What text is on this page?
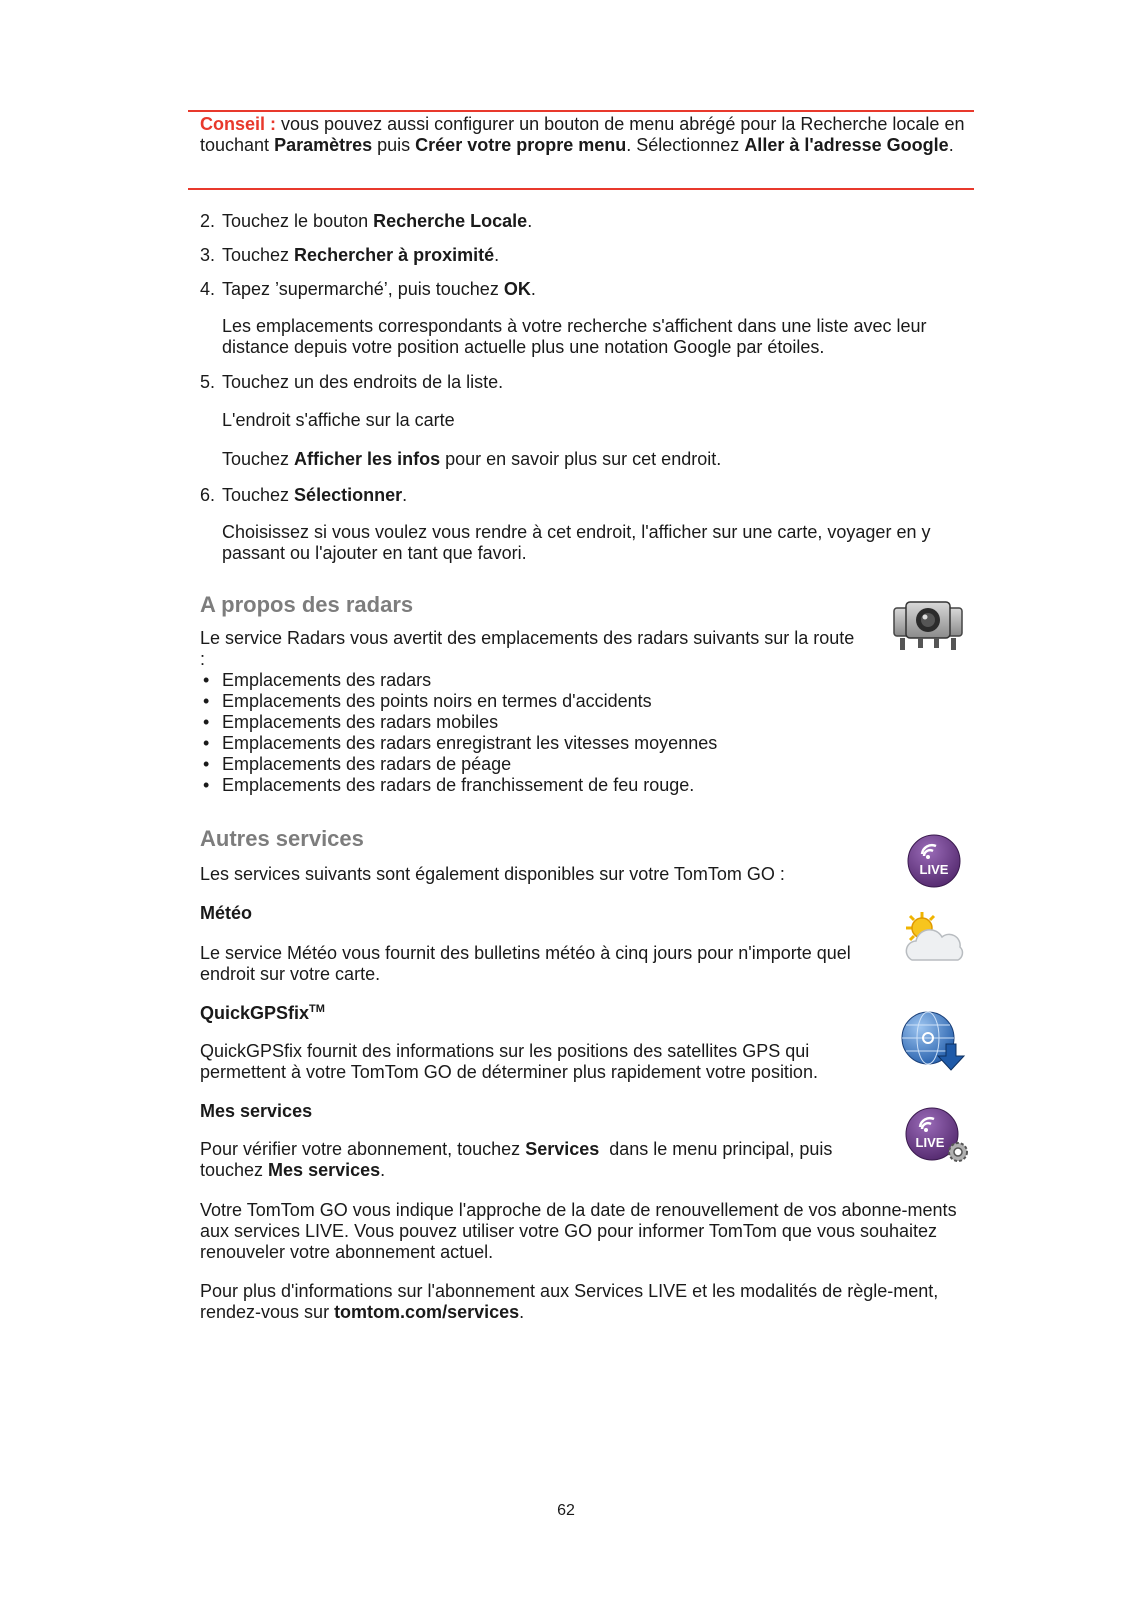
Conseil : vous pouvez aussi configurer un bouton de menu abrégé pour la Recherche locale en touchant Paramètres puis Créer votre propre menu. Sélectionnez Aller à l'adresse Google.
2. Touchez le bouton Recherche Locale.
3. Touchez Rechercher à proximité.
4. Tapez ’supermarché’, puis touchez OK.
Les emplacements correspondants à votre recherche s'affichent dans une liste avec leur distance depuis votre position actuelle plus une notation Google par étoiles.
5. Touchez un des endroits de la liste.
L'endroit s'affiche sur la carte
Touchez Afficher les infos pour en savoir plus sur cet endroit.
6. Touchez Sélectionner.
Choisissez si vous voulez vous rendre à cet endroit, l'afficher sur une carte, voyager en y passant ou l'ajouter en tant que favori.
A propos des radars
Le service Radars vous avertit des emplacements des radars suivants sur la route :
• Emplacements des radars
• Emplacements des points noirs en termes d'accidents
• Emplacements des radars mobiles
• Emplacements des radars enregistrant les vitesses moyennes
• Emplacements des radars de péage
• Emplacements des radars de franchissement de feu rouge.
Autres services
LIVE
Les services suivants sont également disponibles sur votre TomTom GO :
Météo
Le service Météo vous fournit des bulletins météo à cinq jours pour n'importe quel endroit sur votre carte.
QuickGPSfix™
QuickGPSfix fournit des informations sur les positions des satellites GPS qui permettent à votre TomTom GO de déterminer plus rapidement votre position.
Mes services
LIVE
Pour vérifier votre abonnement, touchez Services  dans le menu principal, puis touchez Mes services.
Votre TomTom GO vous indique l'approche de la date de renouvellement de vos abonne-ments aux services LIVE. Vous pouvez utiliser votre GO pour informer TomTom que vous souhaitez renouveler votre abonnement actuel.
Pour plus d'informations sur l'abonnement aux Services LIVE et les modalités de règle-ment, rendez-vous sur tomtom.com/services.
62
